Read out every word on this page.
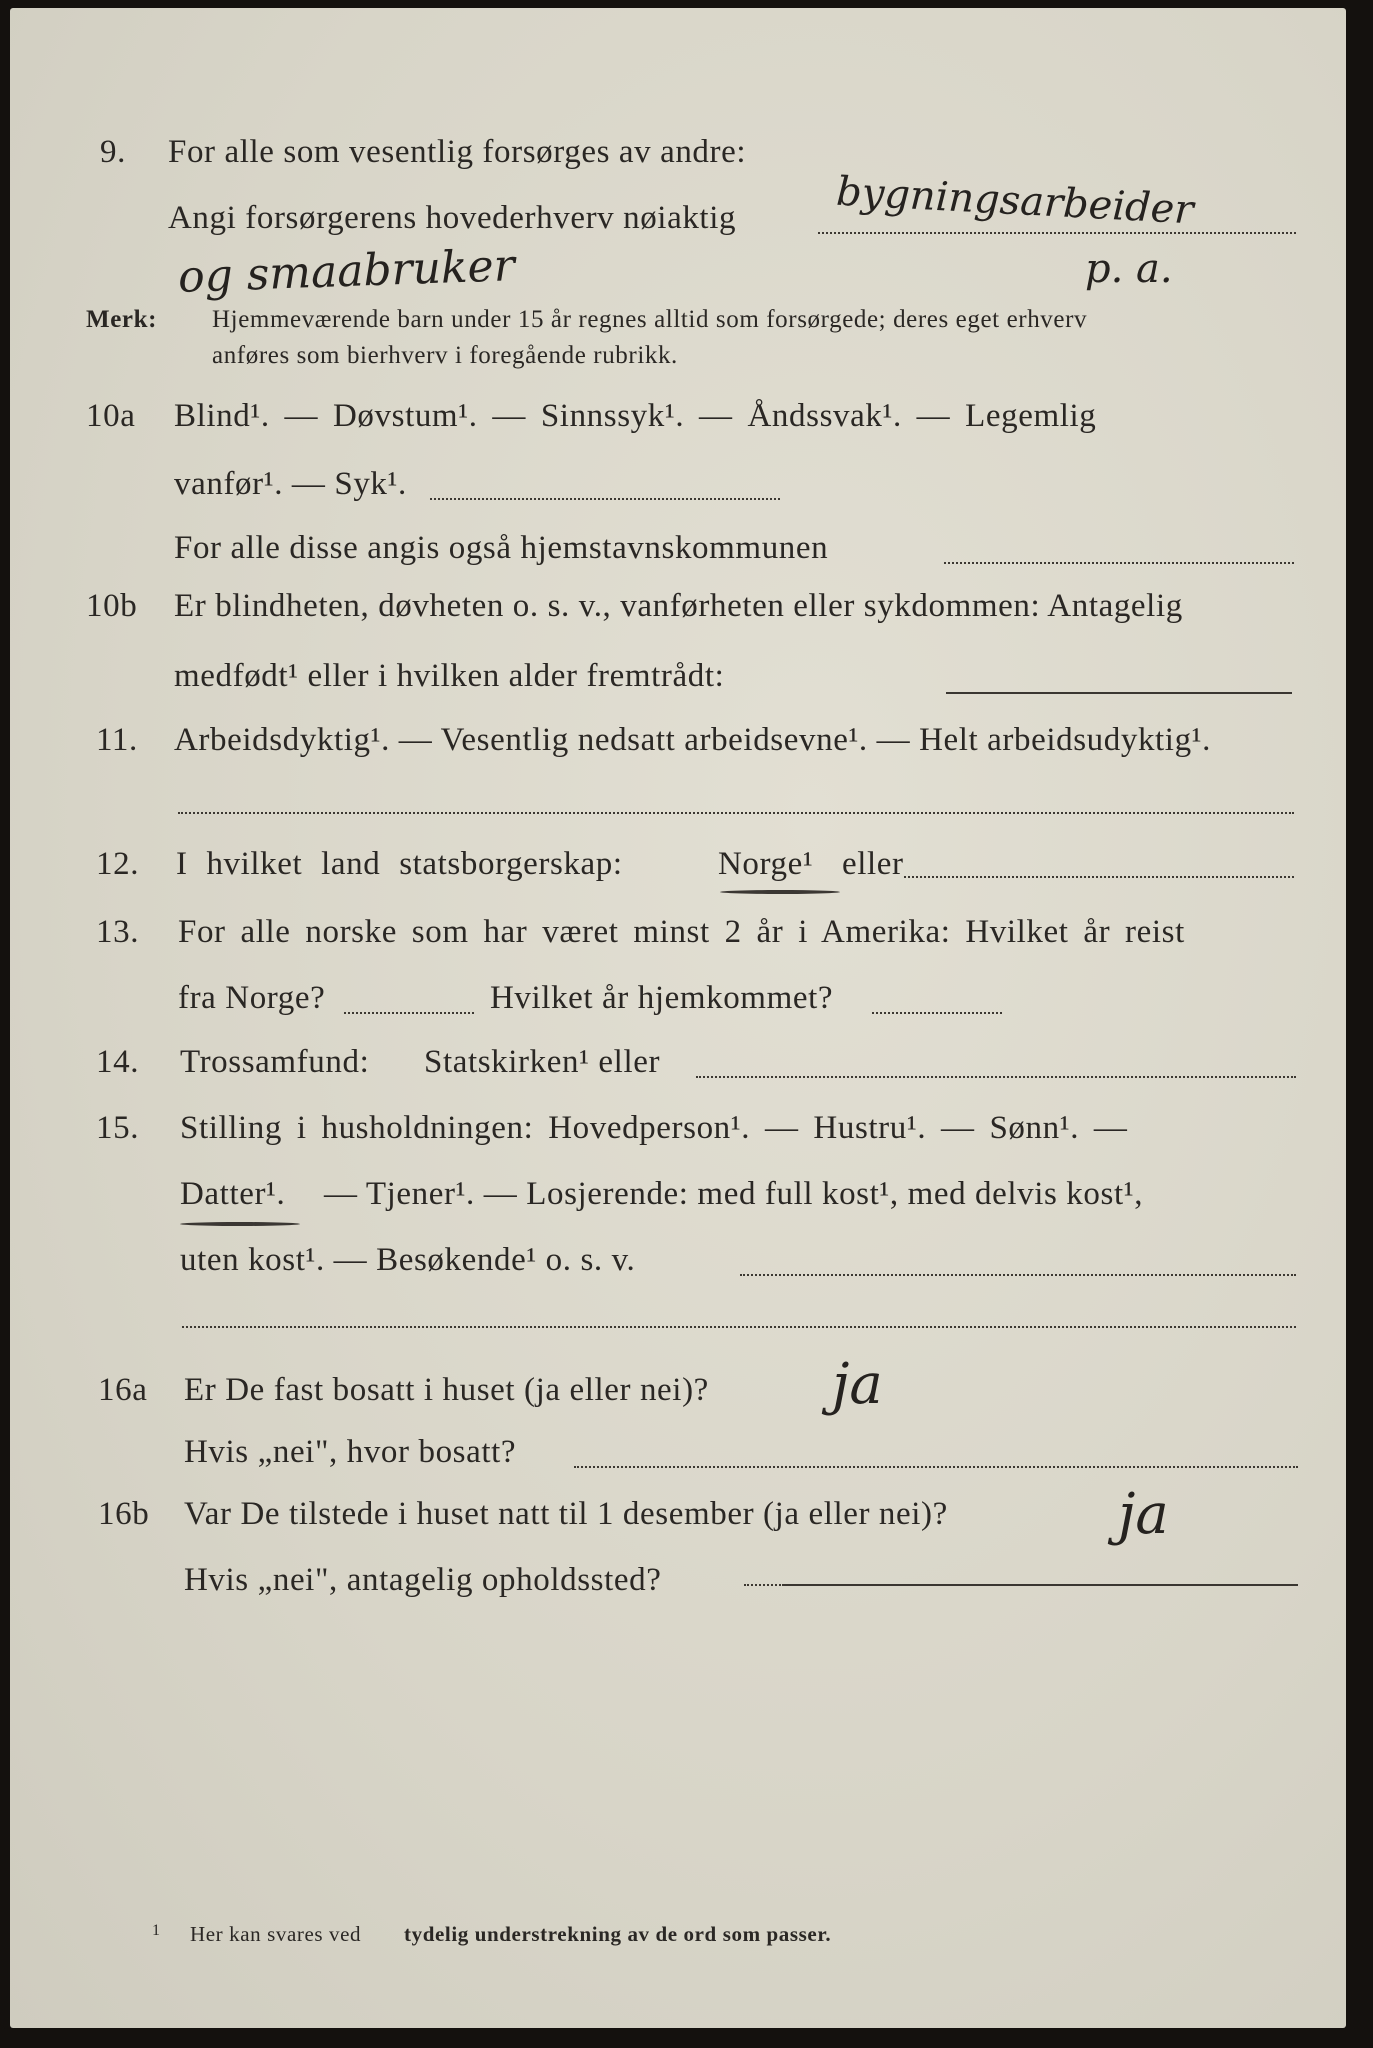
9. For alle som vesentlig forsørges av andre:
Angi forsørgerens hovederhverv nøiaktig bygningsarbeider
og smaabruker	p. a.
Merk: Hjemmeværende barn under 15 år regnes alltid som forsørgede; deres eget erhverv
anføres som bierhverv i foregående rubrikk.
10a Blind¹. — Døvstum¹. — Sinnssyk¹. — Åndssvak¹. — Legemlig
vanfør¹. — Syk¹.
For alle disse angis også hjemstavnskommunen
10b Er blindheten, døvheten o. s. v., vanførheten eller sykdommen: Antagelig
medfødt¹ eller i hvilken alder fremtrådt:
11. Arbeidsdyktig¹. — Vesentlig nedsatt arbeidsevne¹. — Helt arbeidsudyktig¹.
12. I hvilket land statsborgerskap:	Norge¹ eller
13. For alle norske som har været minst 2 år i Amerika: Hvilket år reist
fra Norge?	Hvilket år hjemkommet?
14. Trossamfund: Statskirken¹ eller
15. Stilling i husholdningen: Hovedperson¹. — Hustru¹. — Sønn¹. —
Datter¹. — Tjener¹. — Losjerende: med full kost¹, med delvis kost¹,
uten kost¹. — Besøkende¹ o. s. v.
16a Er De fast bosatt i huset (ja eller nei)? ja
Hvis „nei", hvor bosatt?
16b Var De tilstede i huset natt til 1 desember (ja eller nei)?	ja
Hvis „nei", antagelig opholdssted?
1 Her kan svares ved tydelig understrekning av de ord som passer.
